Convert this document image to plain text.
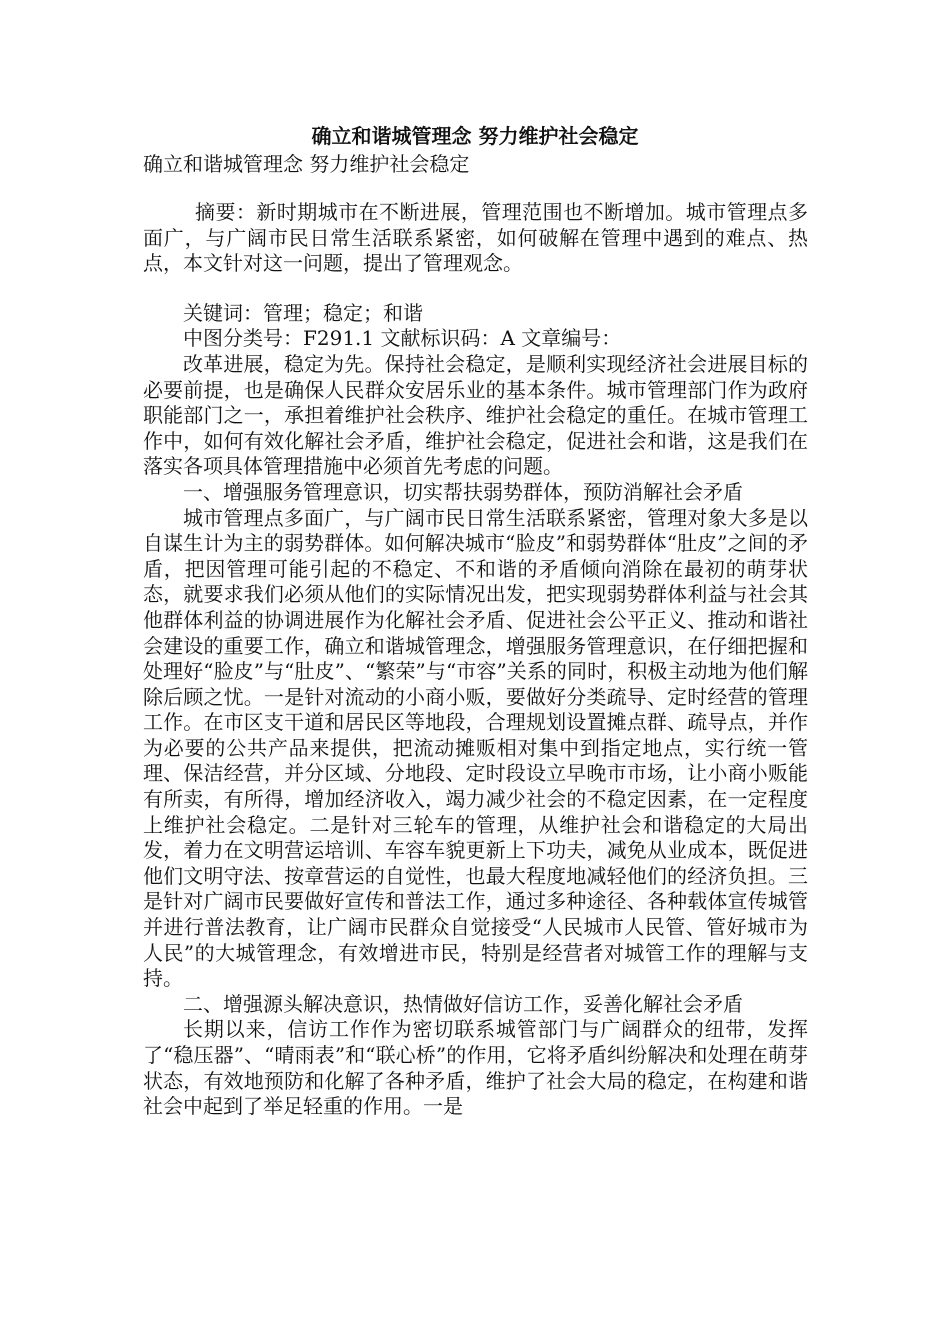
确立和谐城管理念 努力维护社会稳定
确立和谐城管理念 努力维护社会稳定

摘要：新时期城市在不断进展，管理范围也不断增加。城市管理点多面广，与广阔市民日常生活联系紧密，如何破解在管理中遇到的难点、热点，本文针对这一问题，提出了管理观念。

关键词：管理；稳定；和谐

中图分类号：F291.1 文献标识码：A 文章编号：

改革进展，稳定为先。保持社会稳定，是顺利实现经济社会进展目标的必要前提，也是确保人民群众安居乐业的基本条件。城市管理部门作为政府职能部门之一，承担着维护社会秩序、维护社会稳定的重任。在城市管理工作中，如何有效化解社会矛盾，维护社会稳定，促进社会和谐，这是我们在落实各项具体管理措施中必须首先考虑的问题。

一、增强服务管理意识，切实帮扶弱势群体，预防消解社会矛盾

城市管理点多面广，与广阔市民日常生活联系紧密，管理对象大多是以自谋生计为主的弱势群体。如何解决城市“脸皮”和弱势群体“肚皮”之间的矛盾，把因管理可能引起的不稳定、不和谐的矛盾倾向消除在最初的萌芽状态，就要求我们必须从他们的实际情况出发，把实现弱势群体利益与社会其他群体利益的协调进展作为化解社会矛盾、促进社会公平正义、推动和谐社会建设的重要工作，确立和谐城管理念，增强服务管理意识，在仔细把握和处理好“脸皮”与“肚皮”、“繁荣”与“市容”关系的同时，积极主动地为他们解除后顾之忧。一是针对流动的小商小贩，要做好分类疏导、定时经营的管理工作。在市区支干道和居民区等地段，合理规划设置摊点群、疏导点，并作为必要的公共产品来提供，把流动摊贩相对集中到指定地点，实行统一管理、保洁经营，并分区域、分地段、定时段设立早晚市市场，让小商小贩能有所卖，有所得，增加经济收入，竭力减少社会的不稳定因素，在一定程度上维护社会稳定。二是针对三轮车的管理，从维护社会和谐稳定的大局出发，着力在文明营运培训、车容车貌更新上下功夫，减免从业成本，既促进他们文明守法、按章营运的自觉性，也最大程度地减轻他们的经济负担。三是针对广阔市民要做好宣传和普法工作，通过多种途径、各种载体宣传城管并进行普法教育，让广阔市民群众自觉接受“人民城市人民管、管好城市为人民”的大城管理念，有效增进市民，特别是经营者对城管工作的理解与支持。

二、增强源头解决意识，热情做好信访工作，妥善化解社会矛盾

长期以来，信访工作作为密切联系城管部门与广阔群众的纽带，发挥了“稳压器”、“晴雨表”和“联心桥”的作用，它将矛盾纠纷解决和处理在萌芽状态，有效地预防和化解了各种矛盾，维护了社会大局的稳定，在构建和谐社会中起到了举足轻重的作用。一是
